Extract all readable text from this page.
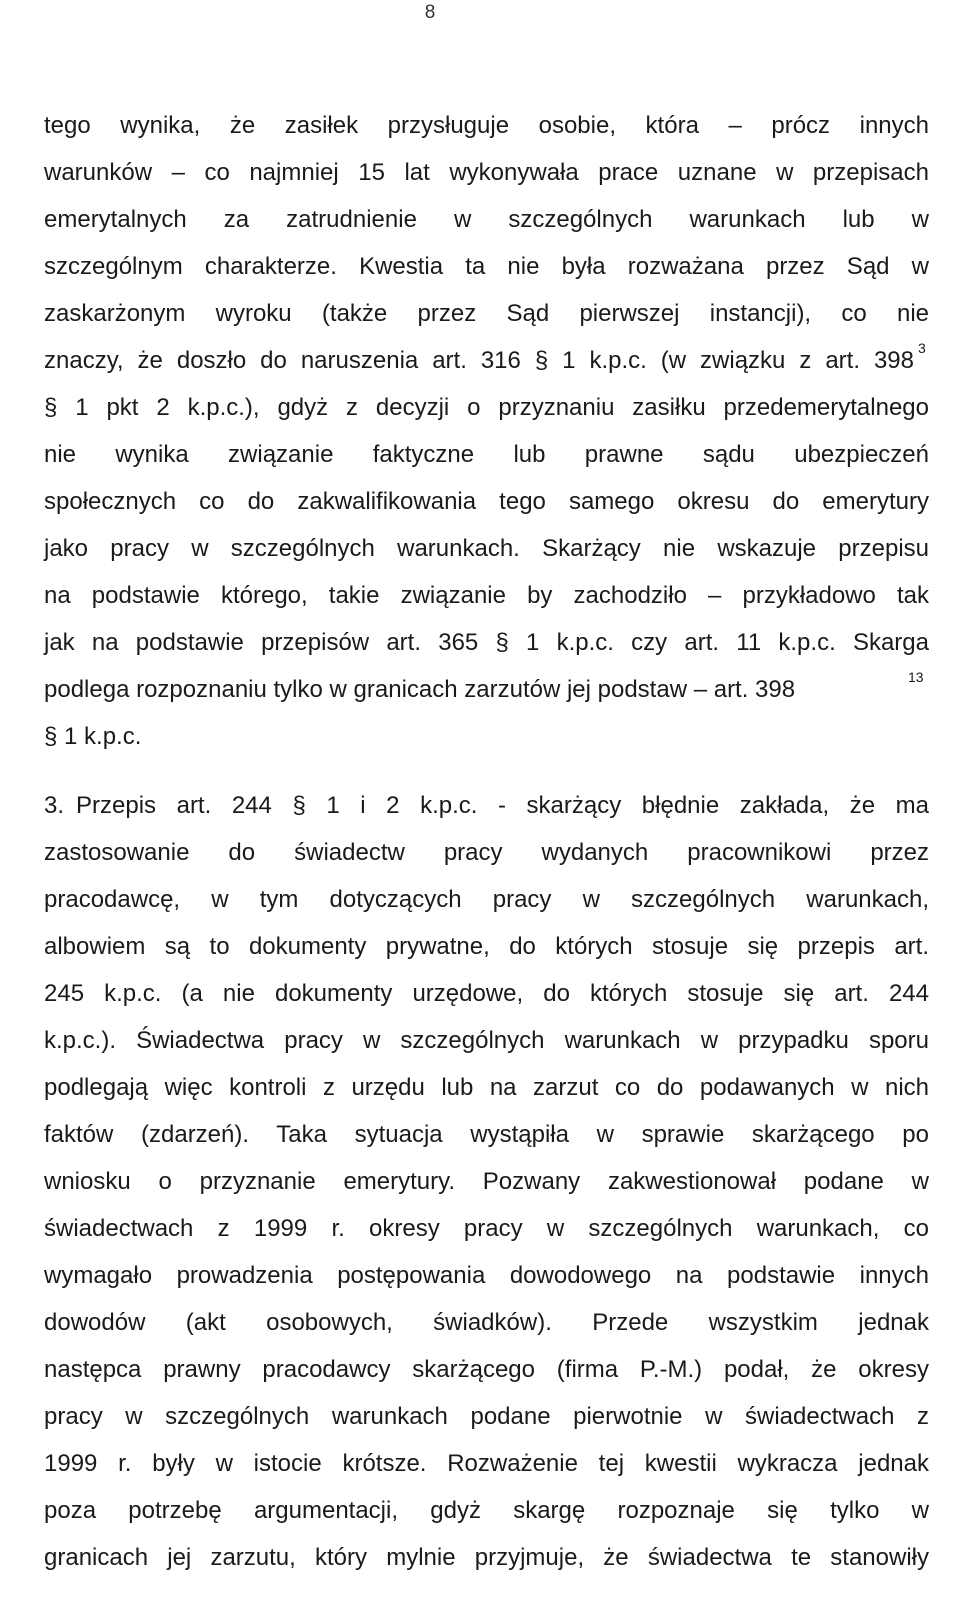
8
tego wynika, że zasiłek przysługuje osobie, która – prócz innych
warunków – co najmniej 15 lat wykonywała prace uznane w przepisach
emerytalnych za zatrudnienie w szczególnych warunkach lub w
szczególnym charakterze. Kwestia ta nie była rozważana przez Sąd w
zaskarżonym wyroku (także przez Sąd pierwszej instancji), co nie
znaczy, że doszło do naruszenia art. 316 § 1 k.p.c. (w związku z art. 398 3
§ 1 pkt 2 k.p.c.), gdyż z decyzji o przyznaniu zasiłku przedemerytalnego
nie wynika związanie faktyczne lub prawne sądu ubezpieczeń
społecznych co do zakwalifikowania tego samego okresu do emerytury
jako pracy w szczególnych warunkach. Skarżący nie wskazuje przepisu
na podstawie którego, takie związanie by zachodziło – przykładowo tak
jak na podstawie przepisów art. 365 § 1 k.p.c. czy art. 11 k.p.c. Skarga
podlega rozpoznaniu tylko w granicach zarzutów jej podstaw – art. 398	13
§ 1 k.p.c.
3. Przepis art. 244 § 1 i 2 k.p.c. - skarżący błędnie zakłada, że ma
zastosowanie do świadectw pracy wydanych pracownikowi przez
pracodawcę, w tym dotyczących pracy w szczególnych warunkach,
albowiem są to dokumenty prywatne, do których stosuje się przepis art.
245 k.p.c. (a nie dokumenty urzędowe, do których stosuje się art. 244
k.p.c.). Świadectwa pracy w szczególnych warunkach w przypadku sporu
podlegają więc kontroli z urzędu lub na zarzut co do podawanych w nich
faktów (zdarzeń). Taka sytuacja wystąpiła w sprawie skarżącego po
wniosku o przyznanie emerytury. Pozwany zakwestionował podane w
świadectwach z 1999 r. okresy pracy w szczególnych warunkach, co
wymagało prowadzenia postępowania dowodowego na podstawie innych
dowodów (akt osobowych, świadków). Przede wszystkim jednak
następca prawny pracodawcy skarżącego (firma P.-M.) podał, że okresy
pracy w szczególnych warunkach podane pierwotnie w świadectwach z
1999 r. były w istocie krótsze. Rozważenie tej kwestii wykracza jednak
poza potrzebę argumentacji, gdyż skargę rozpoznaje się tylko w
granicach jej zarzutu, który mylnie przyjmuje, że świadectwa te stanowiły
